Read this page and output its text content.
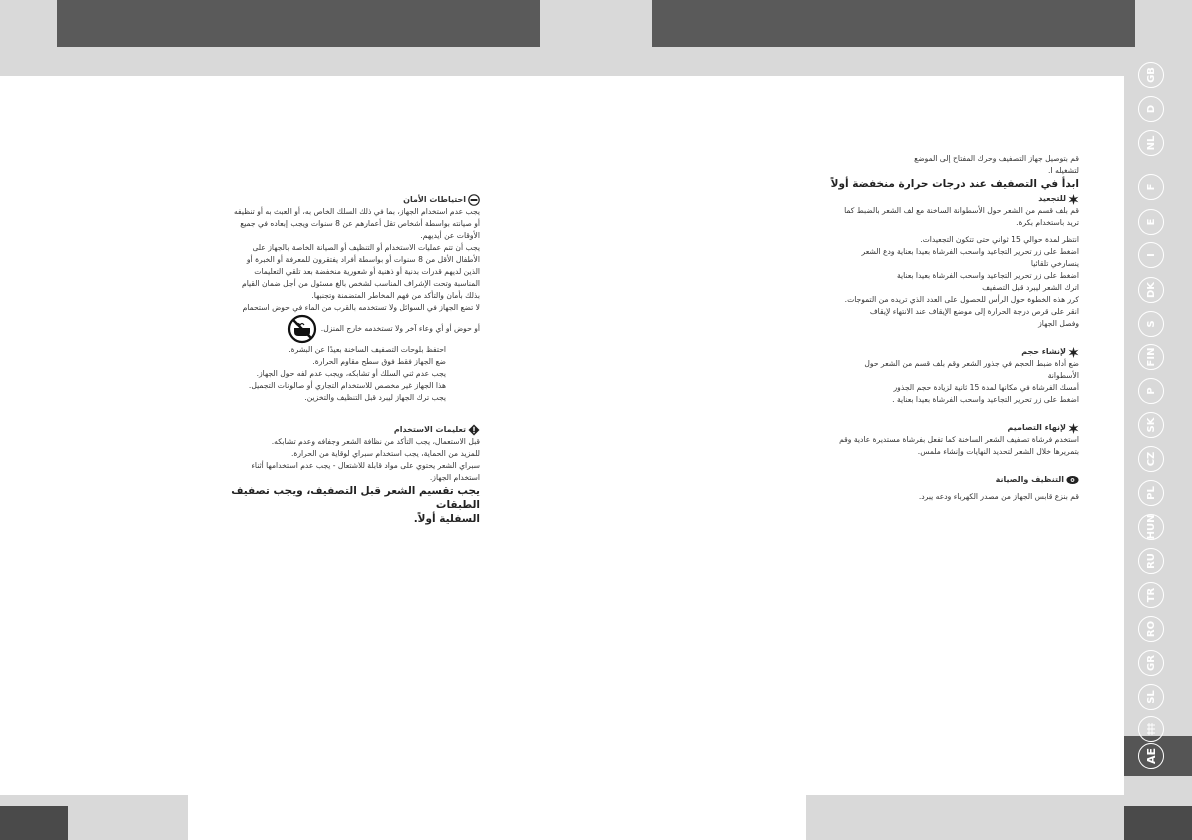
GB
D
NL
F
E
I
DK
S
FIN
P
SK
CZ
PL
HUN
RU
TR
RO
GR
SL
AE
احتياطات الأمان

يجب عدم استخدام الجهاز، بما في ذلك السلك الخاص به، أو العبث به أو تنظيفه

أو صيانته بواسطة أشخاص تقل أعمارهم عن 8 سنوات ويجب إبعاده في جميع

الأوقات عن أيديهم.

يجب أن تتم عمليات الاستخدام أو التنظيف أو الصيانة الخاصة بالجهاز على

الأطفال الأقل من 8 سنوات أو بواسطة أفراد يفتقرون للمعرفة أو الخبرة أو

الذين لديهم قدرات بدنية أو ذهنية أو شعورية منخفضة بعد تلقي التعليمات

المناسبة وتحت الإشراف المناسب لشخص بالغ مسئول من أجل ضمان القيام

بذلك بأمان والتأكد من فهم المخاطر المتضمنة وتجنبها.

لا تضع الجهاز في السوائل ولا تستخدمه بالقرب من الماء في حوض استحمام

أو حوض أو أي وعاء آخر ولا تستخدمه خارج المنزل.

احتفظ بلوحات التصفيف الساخنة بعيدًا عن البشرة.

ضع الجهاز فقط فوق سطح مقاوم الحرارة.

يجب عدم ثني السلك أو تشابكه، ويجب عدم لفه حول الجهاز.

هذا الجهاز غير مخصص للاستخدام التجاري أو صالونات التجميل.

يجب ترك الجهاز ليبرد قبل التنظيف والتخزين.

تعليمات الاستخدام

قبل الاستعمال، يجب التأكد من نظافة الشعر وجفافه وعدم تشابكه.

للمزيد من الحماية، يجب استخدام سبراي لوقاية من الحرارة.

سبراي الشعر يحتوي على مواد قابلة للاشتعال - يجب عدم استخدامها أثناء

استخدام الجهاز.

يجب تقسيم الشعر قبل التصفيف، ويجب تصفيف الطبقات

السفلية أولاً.

قم بتوصيل جهاز التصفيف وحرك المفتاح إلى الموضع

لتشغيله I.

ابدأ في التصفيف عند درجات حرارة منخفضة أولاً

للتجعيد

قم بلف قسم من الشعر حول الأسطوانة الساخنة مع لف الشعر بالضبط كما

تريد باستخدام بكرة.

انتظر لمدة حوالي 15 ثواني حتى تتكون التجعيدات.

اضغط على زر تحرير التجاعيد واسحب الفرشاة بعيدا بعناية ودع الشعر

ينسارخي تلقائيا

اضغط على زر تحرير التجاعيد واسحب الفرشاة بعيدا بعناية

اترك الشعر ليبرد قبل التصفيف

كرر هذه الخطوة حول الرأس للحصول على العدد الذي تريده من التموجات.

انقر على قرص درجة الحرارة إلى موضع الإيقاف عند الانتهاء لإيقاف

وفصل الجهاز

لإنشاء حجم

ضع أداة ضبط الحجم في جذور الشعر وقم بلف قسم من الشعر حول

الأسطوانة

أمسك الفرشاة في مكانها لمدة 15 ثانية لزيادة حجم الجذور

اضغط على زر تحرير التجاعيد واسحب الفرشاة بعيدا بعناية .

لإنهاء التصاميم

استخدم فرشاة تصفيف الشعر الساخنة كما تفعل بفرشاة مستديرة عادية وقم

بتمريرها خلال الشعر لتحديد النهايات وإنشاء ملمس.

التنظيف والصيانة

قم بنزع قابس الجهاز من مصدر الكهرباء ودعه يبرد.
